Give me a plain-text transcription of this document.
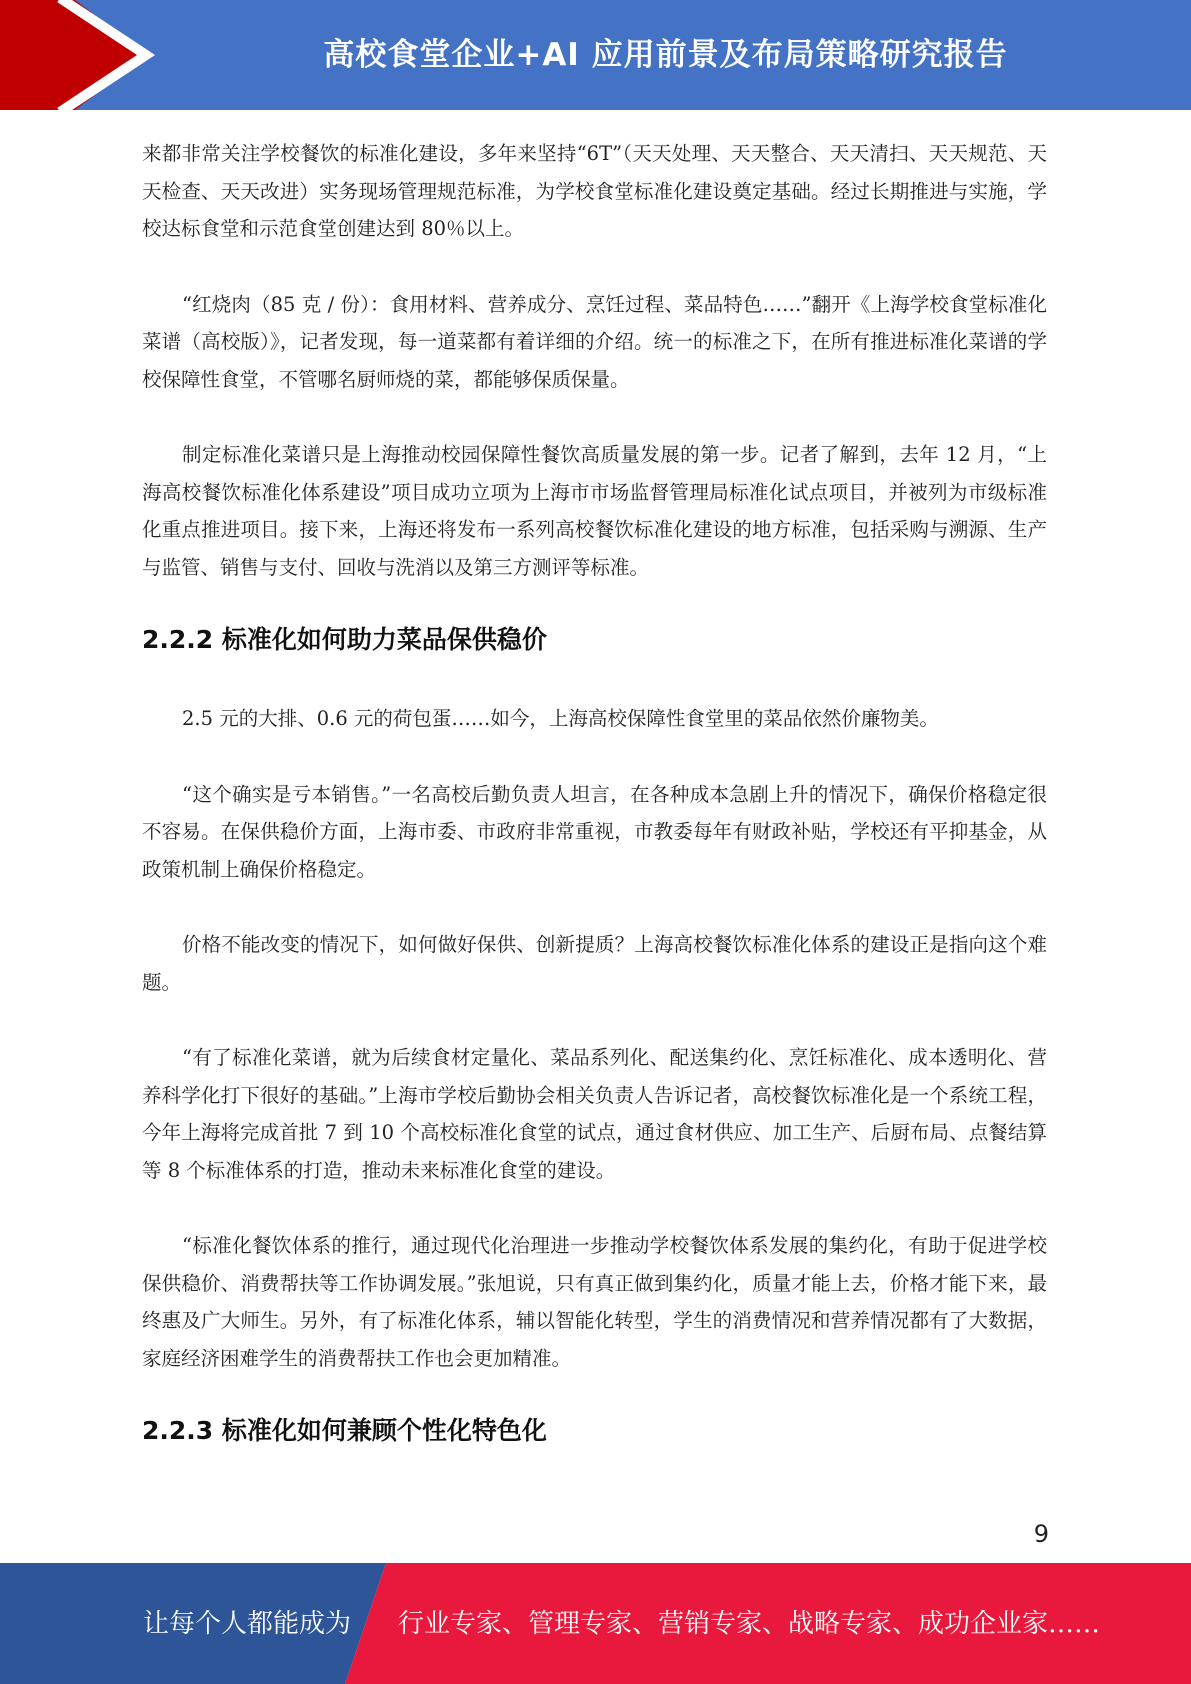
高校食堂企业+AI 应用前景及布局策略研究报告

来都非常关注学校餐饮的标准化建设，多年来坚持“6T”（天天处理、天天整合、天天清扫、天天规范、天天检查、天天改进）实务现场管理规范标准，为学校食堂标准化建设奠定基础。经过长期推进与实施，学校达标食堂和示范食堂创建达到 80％以上。

“红烧肉（85 克 / 份）：食用材料、营养成分、烹饪过程、菜品特色……”翻开《上海学校食堂标准化菜谱（高校版）》，记者发现，每一道菜都有着详细的介绍。统一的标准之下，在所有推进标准化菜谱的学校保障性食堂，不管哪名厨师烧的菜，都能够保质保量。

制定标准化菜谱只是上海推动校园保障性餐饮高质量发展的第一步。记者了解到，去年 12 月，“上海高校餐饮标准化体系建设”项目成功立项为上海市市场监督管理局标准化试点项目，并被列为市级标准化重点推进项目。接下来，上海还将发布一系列高校餐饮标准化建设的地方标准，包括采购与溯源、生产与监管、销售与支付、回收与洗消以及第三方测评等标准。

2.2.2 标准化如何助力菜品保供稳价

2.5 元的大排、0.6 元的荷包蛋……如今，上海高校保障性食堂里的菜品依然价廉物美。

“这个确实是亏本销售。”一名高校后勤负责人坦言，在各种成本急剧上升的情况下，确保价格稳定很不容易。在保供稳价方面，上海市委、市政府非常重视，市教委每年有财政补贴，学校还有平抑基金，从政策机制上确保价格稳定。

价格不能改变的情况下，如何做好保供、创新提质？上海高校餐饮标准化体系的建设正是指向这个难题。

“有了标准化菜谱，就为后续食材定量化、菜品系列化、配送集约化、烹饪标准化、成本透明化、营养科学化打下很好的基础。”上海市学校后勤协会相关负责人告诉记者，高校餐饮标准化是一个系统工程，今年上海将完成首批 7 到 10 个高校标准化食堂的试点，通过食材供应、加工生产、后厨布局、点餐结算等 8 个标准体系的打造，推动未来标准化食堂的建设。

“标准化餐饮体系的推行，通过现代化治理进一步推动学校餐饮体系发展的集约化，有助于促进学校保供稳价、消费帮扶等工作协调发展。”张旭说，只有真正做到集约化，质量才能上去，价格才能下来，最终惠及广大师生。另外，有了标准化体系，辅以智能化转型，学生的消费情况和营养情况都有了大数据，家庭经济困难学生的消费帮扶工作也会更加精准。

2.2.3 标准化如何兼顾个性化特色化
9
让每个人都能成为 行业专家、管理专家、营销专家、战略专家、成功企业家……
